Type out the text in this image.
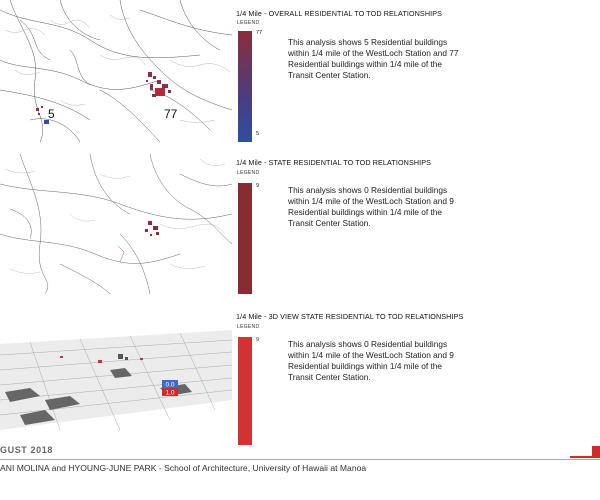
5	77
1/4 Mile - OVERALL RESIDENTIAL TO TOD RELATIONSHIPS
LEGEND
77
5
This analysis shows 5 Residential buildings within 1/4 mile of the WestLoch Station and 77 Residential buildings within 1/4 mile of the Transit Center Station.
1/4 Mile - STATE RESIDENTIAL TO TOD RELATIONSHIPS
LEGEND
9	This analysis shows 0 Residential buildings within 1/4 mile of the WestLoch Station and 9 Residential buildings within 1/4 mile of the Transit Center Station.
0.0
1.0
1/4 Mile - 3D VIEW STATE RESIDENTIAL TO TOD RELATIONSHIPS
LEGEND
9	This analysis shows 0 Residential buildings within 1/4 mile of the WestLoch Station and 9 Residential buildings within 1/4 mile of the Transit Center Station.
GUST 2018
ANI MOLINA and HYOUNG-JUNE PARK - School of Architecture, University of Hawaii at Manoa
